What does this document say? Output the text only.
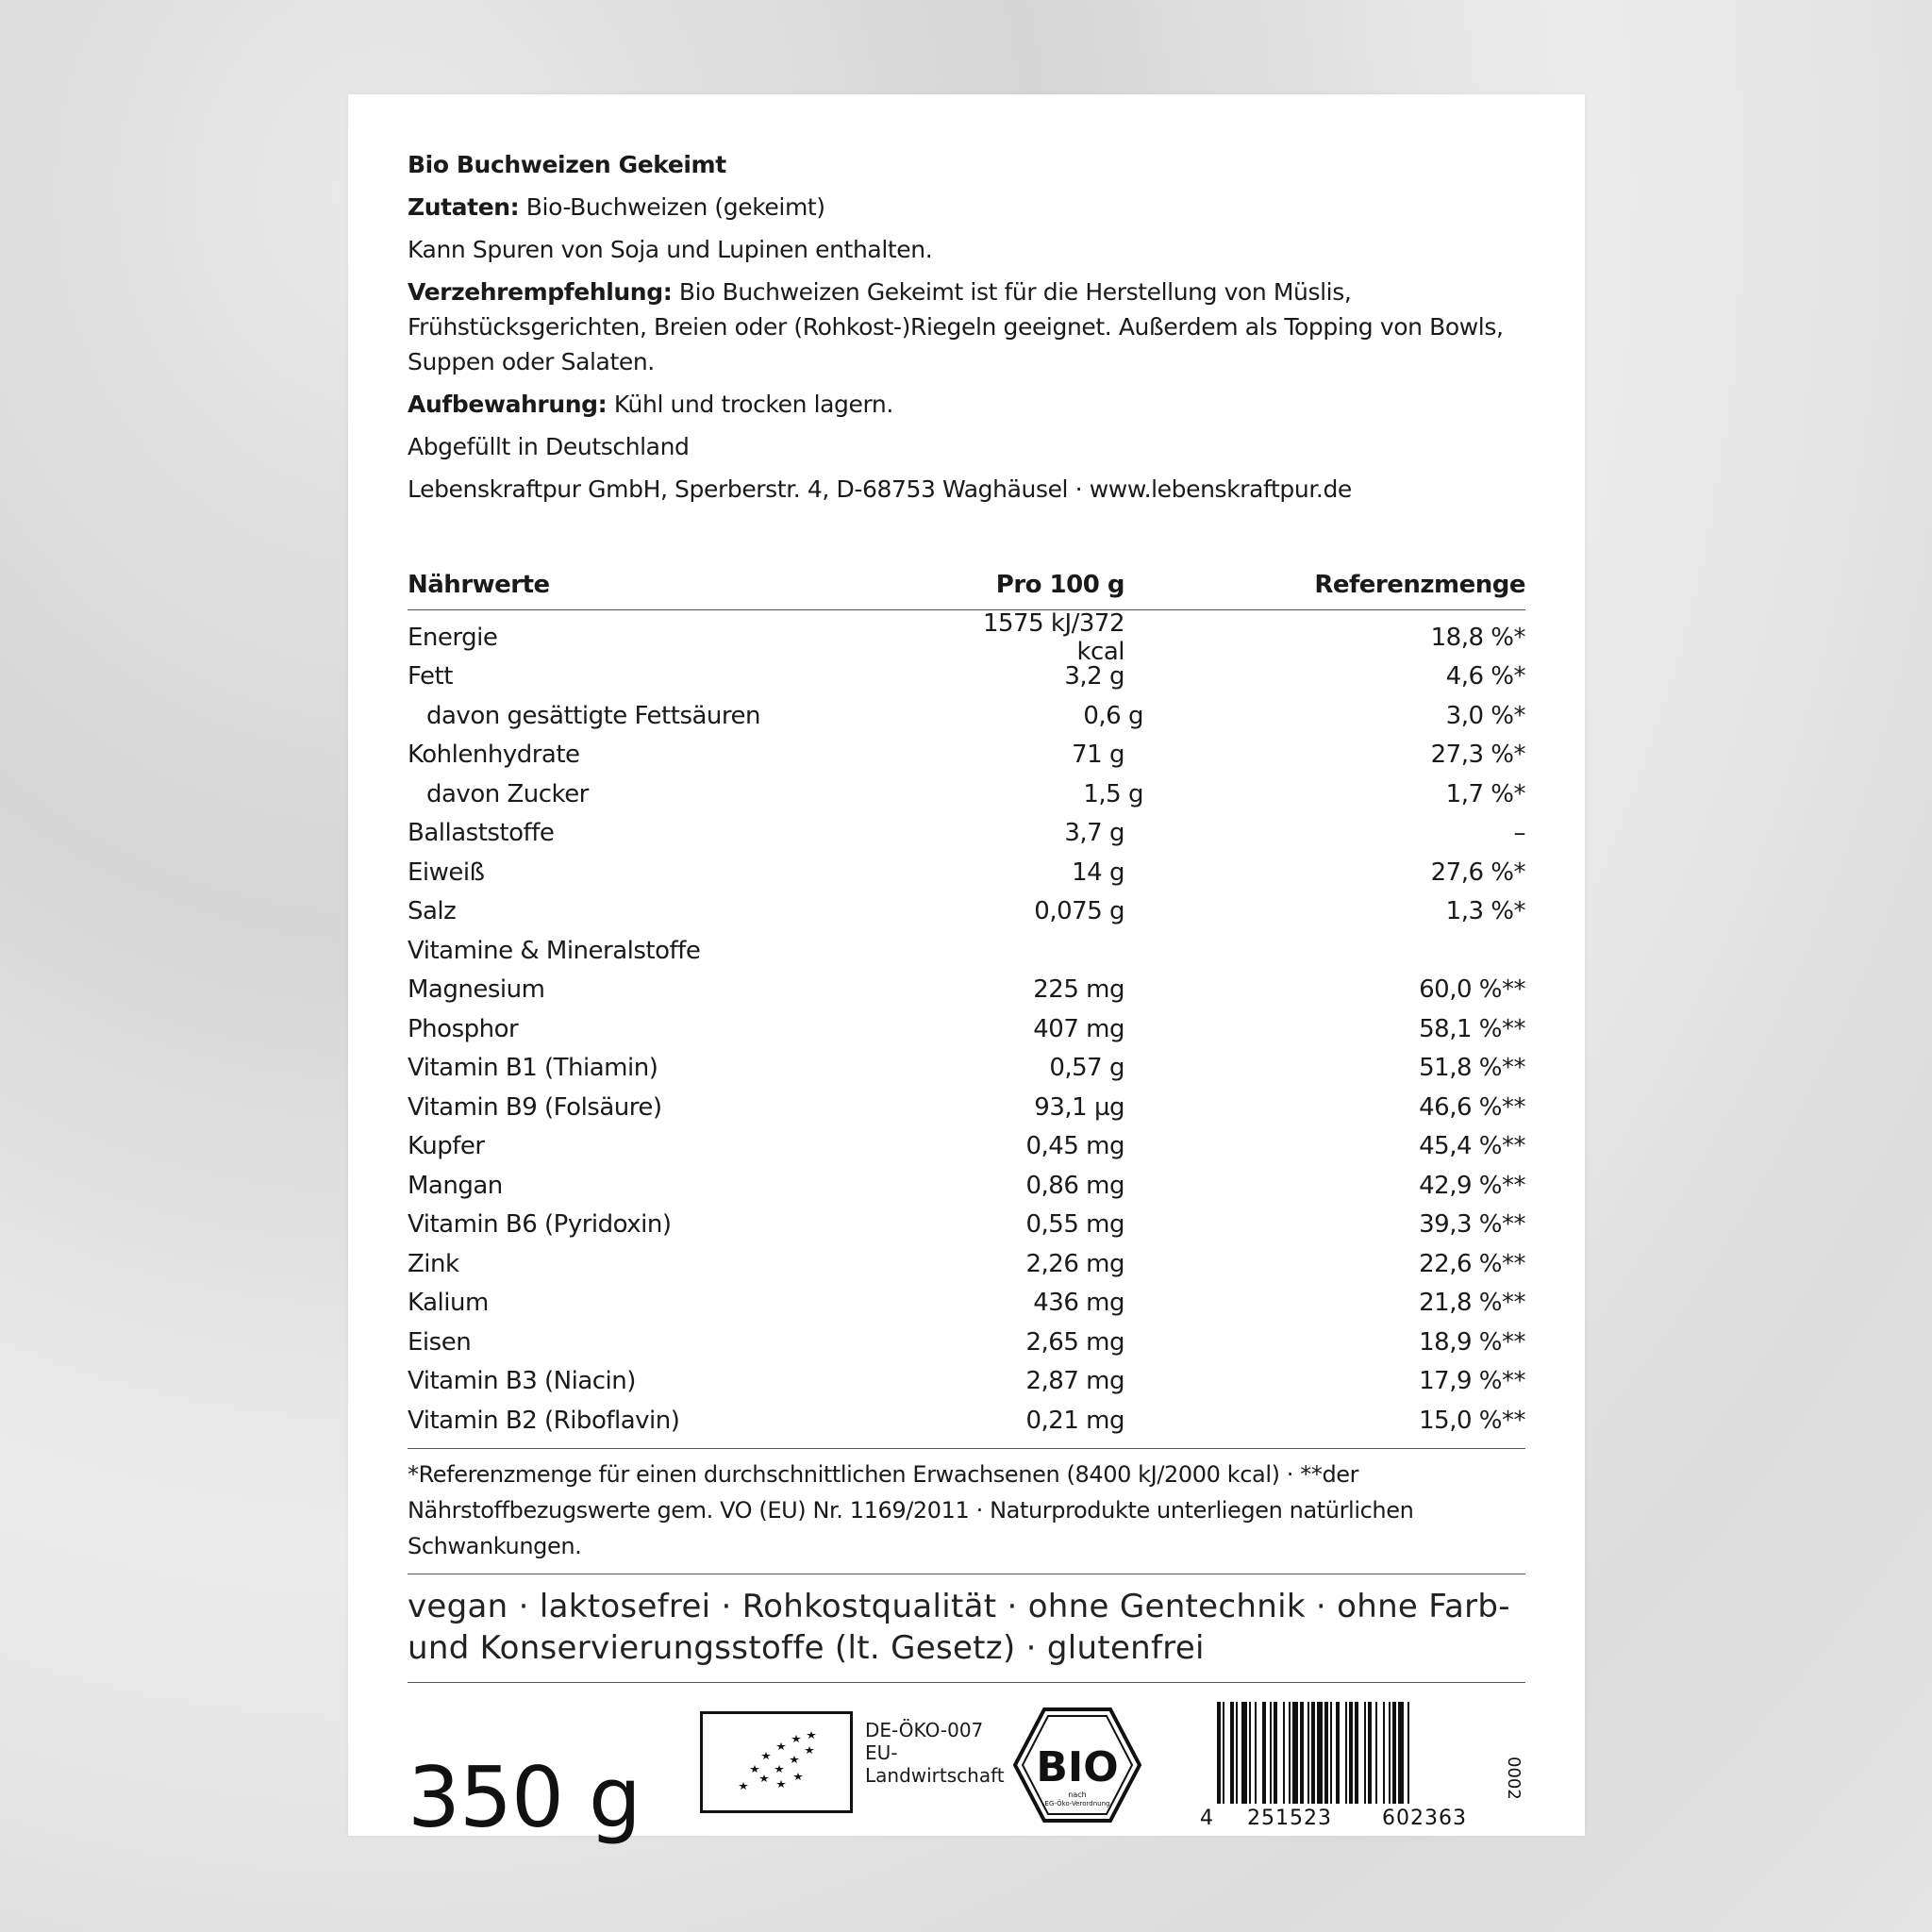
Bio Buchweizen Gekeimt

Zutaten: Bio-Buchweizen (gekeimt)

Kann Spuren von Soja und Lupinen enthalten.

Verzehrempfehlung: Bio Buchweizen Gekeimt ist für die Herstellung von Müslis, Frühstücksgerichten, Breien oder (Rohkost-)Riegeln geeignet. Außerdem als Topping von Bowls, Suppen oder Salaten.

Aufbewahrung: Kühl und trocken lagern.

Abgefüllt in Deutschland

Lebenskraftpur GmbH, Sperberstr. 4, D-68753 Waghäusel · www.lebenskraftpur.de

Nährwerte	Pro 100 g	Referenzmenge
Energie	1575 kJ/372 kcal	18,8 %*
Fett	3,2 g	4,6 %*
davon gesättigte Fettsäuren	0,6 g	3,0 %*
Kohlenhydrate	71 g	27,3 %*
davon Zucker	1,5 g	1,7 %*
Ballaststoffe	3,7 g	–
Eiweiß	14 g	27,6 %*
Salz	0,075 g	1,3 %*
Vitamine & Mineralstoffe
Magnesium	225 mg	60,0 %**
Phosphor	407 mg	58,1 %**
Vitamin B1 (Thiamin)	0,57 g	51,8 %**
Vitamin B9 (Folsäure)	93,1 µg	46,6 %**
Kupfer	0,45 mg	45,4 %**
Mangan	0,86 mg	42,9 %**
Vitamin B6 (Pyridoxin)	0,55 mg	39,3 %**
Zink	2,26 mg	22,6 %**
Kalium	436 mg	21,8 %**
Eisen	2,65 mg	18,9 %**
Vitamin B3 (Niacin)	2,87 mg	17,9 %**
Vitamin B2 (Riboflavin)	0,21 mg	15,0 %**
*Referenzmenge für einen durchschnittlichen Erwachsenen (8400 kJ/2000 kcal) · **der Nährstoffbezugswerte gem. VO (EU) Nr. 1169/2011 · Naturprodukte unterliegen natürlichen Schwankungen.
vegan · laktosefrei · Rohkostqualität · ohne Gentechnik · ohne Farb- und Konservierungsstoffe (lt. Gesetz) · glutenfrei
350 g
DE-ÖKO-007
EU-
Landwirtschaft BIO
nach
EG-Öko-Verordnung
4 251523 602363
0002
